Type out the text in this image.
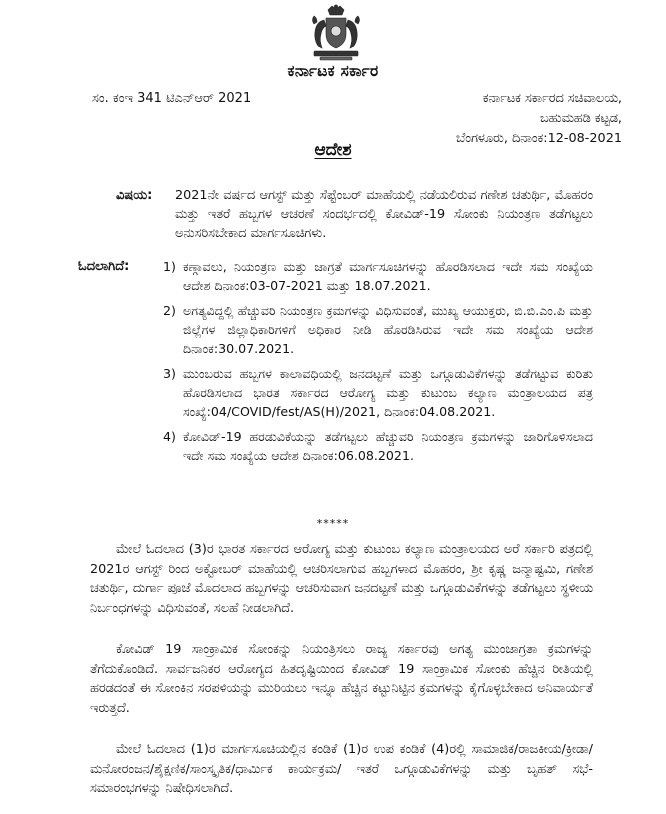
ಕರ್ನಾಟಕ ಸರ್ಕಾರ
ಸಂ. ಕಂಇ 341 ಟಿಎನ್‌ಆರ್ 2021	ಕರ್ನಾಟಕ ಸರ್ಕಾರದ ಸಚಿವಾಲಯ,
ಬಹುಮಹಡಿ ಕಟ್ಟಡ,
ಬೆಂಗಳೂರು, ದಿನಾಂಕ:12-08-2021
ಆದೇಶ
ವಿಷಯ: 2021ನೇ ವರ್ಷದ ಆಗಸ್ಟ್ ಮತ್ತು ಸೆಪ್ಟೆಂಬರ್ ಮಾಹೆಯಲ್ಲಿ ನಡೆಯಲಿರುವ ಗಣೇಶ ಚತುರ್ಥಿ, ಮೊಹರಂ ಮತ್ತು ಇತರೆ ಹಬ್ಬಗಳ ಆಚರಣೆ ಸಂದರ್ಭದಲ್ಲಿ ಕೋವಿಡ್-19 ಸೋಂಕು ನಿಯಂತ್ರಣ ತಡೆಗಟ್ಟಲು ಅನುಸರಿಸಬೇಕಾದ ಮಾರ್ಗಸೂಚಿಗಳು.
ಓದಲಾಗಿದೆ:	1) ಕಣ್ಗಾವಲು, ನಿಯಂತ್ರಣ ಮತ್ತು ಜಾಗ್ರತೆ ಮಾರ್ಗಸೂಚಿಗಳನ್ನು ಹೊರಡಿಸಲಾದ ಇದೇ ಸಮ ಸಂಖ್ಯೆಯ ಆದೇಶ ದಿನಾಂಕ:03-07-2021 ಮತ್ತು 18.07.2021.
2) ಅಗತ್ಯವಿದ್ದಲ್ಲಿ ಹೆಚ್ಚುವರಿ ನಿಯಂತ್ರಣ ಕ್ರಮಗಳನ್ನು ವಿಧಿಸುವಂತೆ, ಮುಖ್ಯ ಆಯುಕ್ತರು, ಬಿ.ಬಿ.ಎಂ.ಪಿ ಮತ್ತು ಜಿಲ್ಲೆಗಳ ಜಿಲ್ಲಾಧಿಕಾರಿಗಳಿಗೆ ಅಧಿಕಾರ ನೀಡಿ ಹೊರಡಿಸಿರುವ ಇದೇ ಸಮ ಸಂಖ್ಯೆಯ ಆದೇಶ ದಿನಾಂಕ:30.07.2021.
3) ಮುಂಬರುವ ಹಬ್ಬಗಳ ಕಾಲಾವಧಿಯಲ್ಲಿ ಜನದಟ್ಟಣೆ ಮತ್ತು ಒಗ್ಗೂಡುವಿಕೆಗಳನ್ನು ತಡೆಗಟ್ಟುವ ಕುರಿತು ಹೊರಡಿಸಲಾದ ಭಾರತ ಸರ್ಕಾರದ ಆರೋಗ್ಯ ಮತ್ತು ಕುಟುಂಬ ಕಲ್ಯಾಣ ಮಂತ್ರಾಲಯದ ಪತ್ರ ಸಂಖ್ಯೆ:04/COVID/fest/AS(H)/2021, ದಿನಾಂಕ:04.08.2021.
4) ಕೋವಿಡ್-19 ಹರಡುವಿಕೆಯನ್ನು ತಡೆಗಟ್ಟಲು ಹೆಚ್ಚುವರಿ ನಿಯಂತ್ರಣ ಕ್ರಮಗಳನ್ನು ಜಾರಿಗೊಳಿಸಲಾದ ಇದೇ ಸಮ ಸಂಖ್ಯೆಯ ಆದೇಶ ದಿನಾಂಕ:06.08.2021.
*****

ಮೇಲೆ ಓದಲಾದ (3)ರ ಭಾರತ ಸರ್ಕಾರದ ಆರೋಗ್ಯ ಮತ್ತು ಕುಟುಂಬ ಕಲ್ಯಾಣ ಮಂತ್ರಾಲಯದ ಅರೆ ಸರ್ಕಾರಿ ಪತ್ರದಲ್ಲಿ 2021ರ ಆಗಸ್ಟ್ ರಿಂದ ಅಕ್ಟೋಬರ್ ಮಾಹೆಯಲ್ಲಿ ಆಚರಿಸಲಾಗುವ ಹಬ್ಬಗಳಾದ ಮೊಹರಂ, ಶ್ರೀ ಕೃಷ್ಣ ಜನ್ಮಾಷ್ಟಮಿ, ಗಣೇಶ ಚತುರ್ಥಿ, ದುರ್ಗಾ ಪೂಜೆ ಮೊದಲಾದ ಹಬ್ಬಗಳನ್ನು ಆಚರಿಸುವಾಗ ಜನದಟ್ಟಣೆ ಮತ್ತು ಒಗ್ಗೂಡುವಿಕೆಗಳನ್ನು ತಡೆಗಟ್ಟಲು ಸ್ಥಳೀಯ ನಿರ್ಬಂಧಗಳನ್ನು ವಿಧಿಸುವಂತೆ, ಸಲಹೆ ನೀಡಲಾಗಿದೆ.

ಕೋವಿಡ್ 19 ಸಾಂಕ್ರಾಮಿಕ ಸೋಂಕನ್ನು ನಿಯಂತ್ರಿಸಲು ರಾಜ್ಯ ಸರ್ಕಾರವು ಅಗತ್ಯ ಮುಂಜಾಗ್ರತಾ ಕ್ರಮಗಳನ್ನು ತೆಗೆದುಕೊಂಡಿದೆ. ಸಾರ್ವಜನಿಕರ ಆರೋಗ್ಯದ ಹಿತದೃಷ್ಟಿಯಿಂದ ಕೋವಿಡ್ 19 ಸಾಂಕ್ರಾಮಿಕ ಸೋಂಕು ಹೆಚ್ಚಿನ ರೀತಿಯಲ್ಲಿ ಹರಡದಂತೆ ಈ ಸೋಂಕಿನ ಸರಪಳಿಯನ್ನು ಮುರಿಯಲು ಇನ್ನೂ ಹೆಚ್ಚಿನ ಕಟ್ಟುನಿಟ್ಟಿನ ಕ್ರಮಗಳನ್ನು ಕೈಗೊಳ್ಳಬೇಕಾದ ಅನಿವಾರ್ಯತೆ ಇರುತ್ತದೆ.

ಮೇಲೆ ಓದಲಾದ (1)ರ ಮಾರ್ಗಸೂಚಿಯಲ್ಲಿನ ಕಂಡಿಕೆ (1)ರ ಉಪ ಕಂಡಿಕೆ (4)ರಲ್ಲಿ ಸಾಮಾಜಿಕ/ರಾಜಕೀಯ/ಕ್ರೀಡಾ/ಮನೋರಂಜನ/ಶೈಕ್ಷಣಿಕ/ಸಾಂಸ್ಕೃತಿಕ/ಧಾರ್ಮಿಕ ಕಾರ್ಯಕ್ರಮ/ ಇತರೆ ಒಗ್ಗೂಡುವಿಕೆಗಳನ್ನು ಮತ್ತು ಬೃಹತ್ ಸಭೆ-ಸಮಾರಂಭಗಳನ್ನು ನಿಷೇಧಿಸಲಾಗಿದೆ.
